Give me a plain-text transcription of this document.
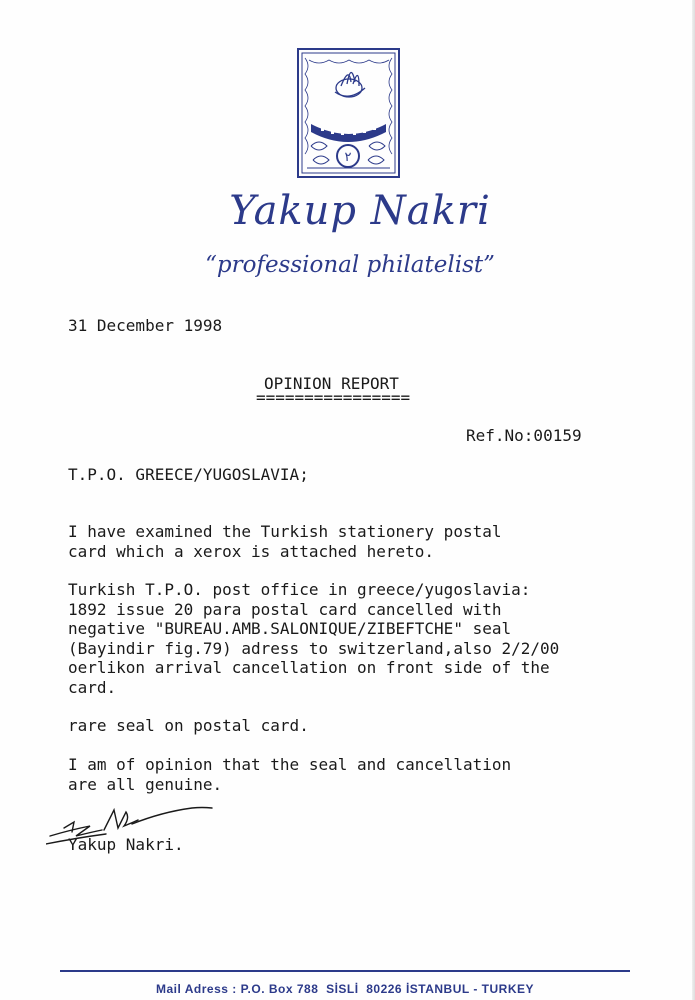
٢
Yakup Nakri
“professional philatelist”
31 December 1998
OPINION REPORT
================
Ref.No:00159
T.P.O. GREECE/YUGOSLAVIA;
I have examined the Turkish stationery postal
card which a xerox is attached hereto.
Turkish T.P.O. post office in greece/yugoslavia:
1892 issue 20 para postal card cancelled with
negative "BUREAU.AMB.SALONIQUE/ZIBEFTCHE" seal
(Bayindir fig.79) adress to switzerland,also 2/2/00
oerlikon arrival cancellation on front side of the
card.
rare seal on postal card.
I am of opinion that the seal and cancellation
are all genuine.
Yakup Nakri.
Mail Adress : P.O. Box 788  SİSLİ  80226 İSTANBUL - TURKEY
